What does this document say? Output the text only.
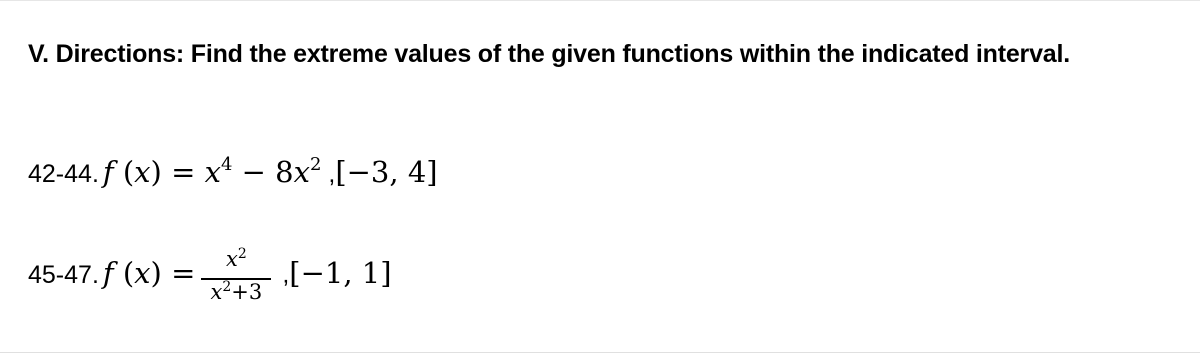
V. Directions: Find the extreme values of the given functions within the indicated interval.
42-44. f $(x) = x^4 - 8x^2$ ,[−3, 4]
45-47. f $(x) = \frac{x^2}{x^2+3} ,[-1$, 1]
